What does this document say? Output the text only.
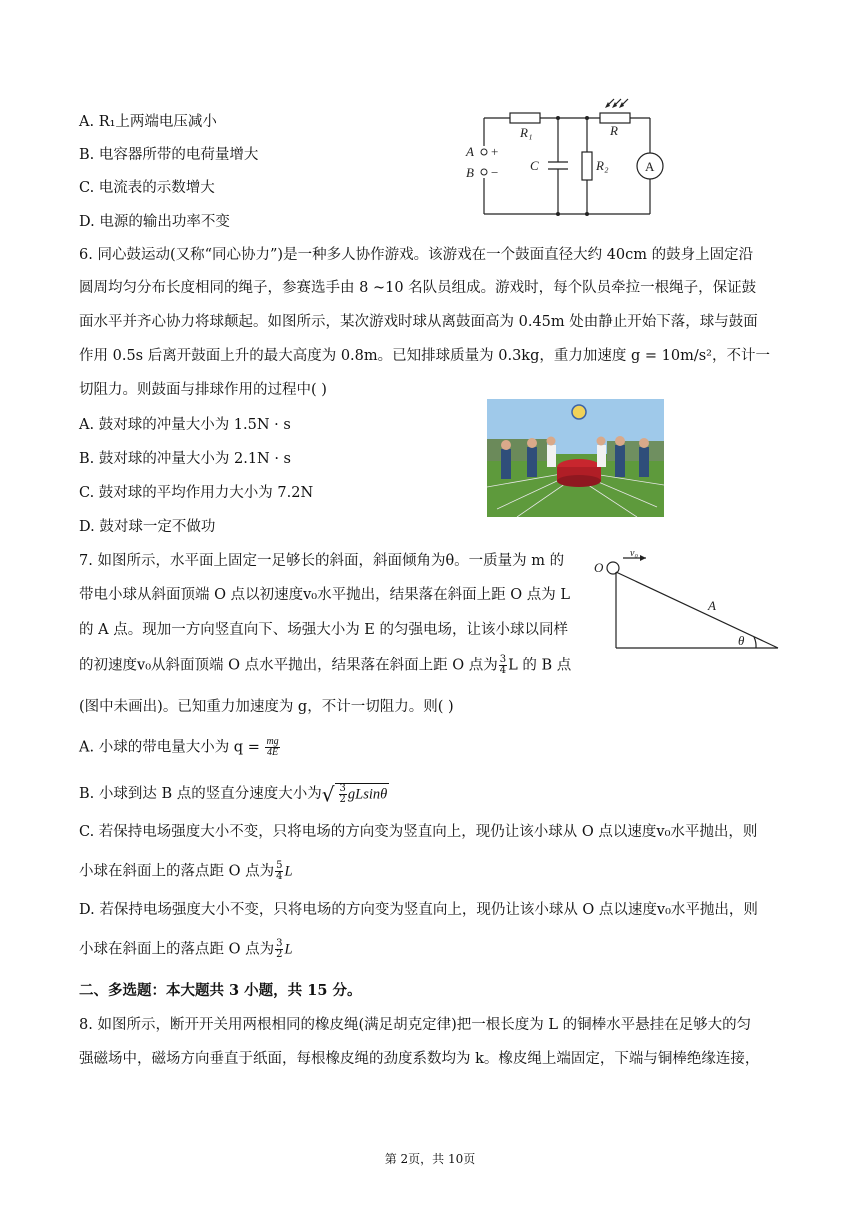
A. R₁上两端电压减小
B. 电容器所带的电荷量增大
C. 电流表的示数增大
D. 电源的输出功率不变
R₁	R
C	R₂	A
A
B
+
−
6. 同心鼓运动(又称“同心协力”)是一种多人协作游戏。该游戏在一个鼓面直径大约 40cm 的鼓身上固定沿
圆周均匀分布长度相同的绳子，参赛选手由 8 ~10 名队员组成。游戏时，每个队员牵拉一根绳子，保证鼓
面水平并齐心协力将球颠起。如图所示，某次游戏时球从离鼓面高为 0.45m 处由静止开始下落，球与鼓面
作用 0.5s 后离开鼓面上升的最大高度为 0.8m。已知排球质量为 0.3kg，重力加速度 g = 10m/s²，不计一
切阻力。则鼓面与排球作用的过程中( )
A. 鼓对球的冲量大小为 1.5N · s
B. 鼓对球的冲量大小为 2.1N · s
C. 鼓对球的平均作用力大小为 7.2N
D. 鼓对球一定不做功
7. 如图所示，水平面上固定一足够长的斜面，斜面倾角为θ。一质量为 m 的
带电小球从斜面顶端 O 点以初速度v₀水平抛出，结果落在斜面上距 O 点为 L
的 A 点。现加一方向竖直向下、场强大小为 E 的匀强电场，让该小球以同样
的初速度v₀从斜面顶端 O 点水平抛出，结果落在斜面上距 O 点为 $\frac{3}{4}$ L 的 B 点
(图中未画出)。已知重力加速度为 g，不计一切阻力。则( )
A. 小球的带电量大小为 $q = \frac{mg}{4E}$
B. 小球到达 B 点的竖直分速度大小为√ $\frac{3}{2}$ gLsinθ
C. 若保持电场强度大小不变，只将电场的方向变为竖直向上，现仍让该小球从 O 点以速度v₀水平抛出，则
小球在斜面上的落点距 O 点为 $\frac{5}{4}$ L
D. 若保持电场强度大小不变，只将电场的方向变为竖直向上，现仍让该小球从 O 点以速度v₀水平抛出，则
小球在斜面上的落点距 O 点为 $\frac{3}{2}$ L
O
v₀
A
θ
二、多选题：本大题共 3 小题，共 15 分。
8. 如图所示，断开开关用两根相同的橡皮绳(满足胡克定律)把一根长度为 L 的铜棒水平悬挂在足够大的匀
强磁场中，磁场方向垂直于纸面，每根橡皮绳的劲度系数均为 k。橡皮绳上端固定，下端与铜棒绝缘连接，
第 2页，共 10页
